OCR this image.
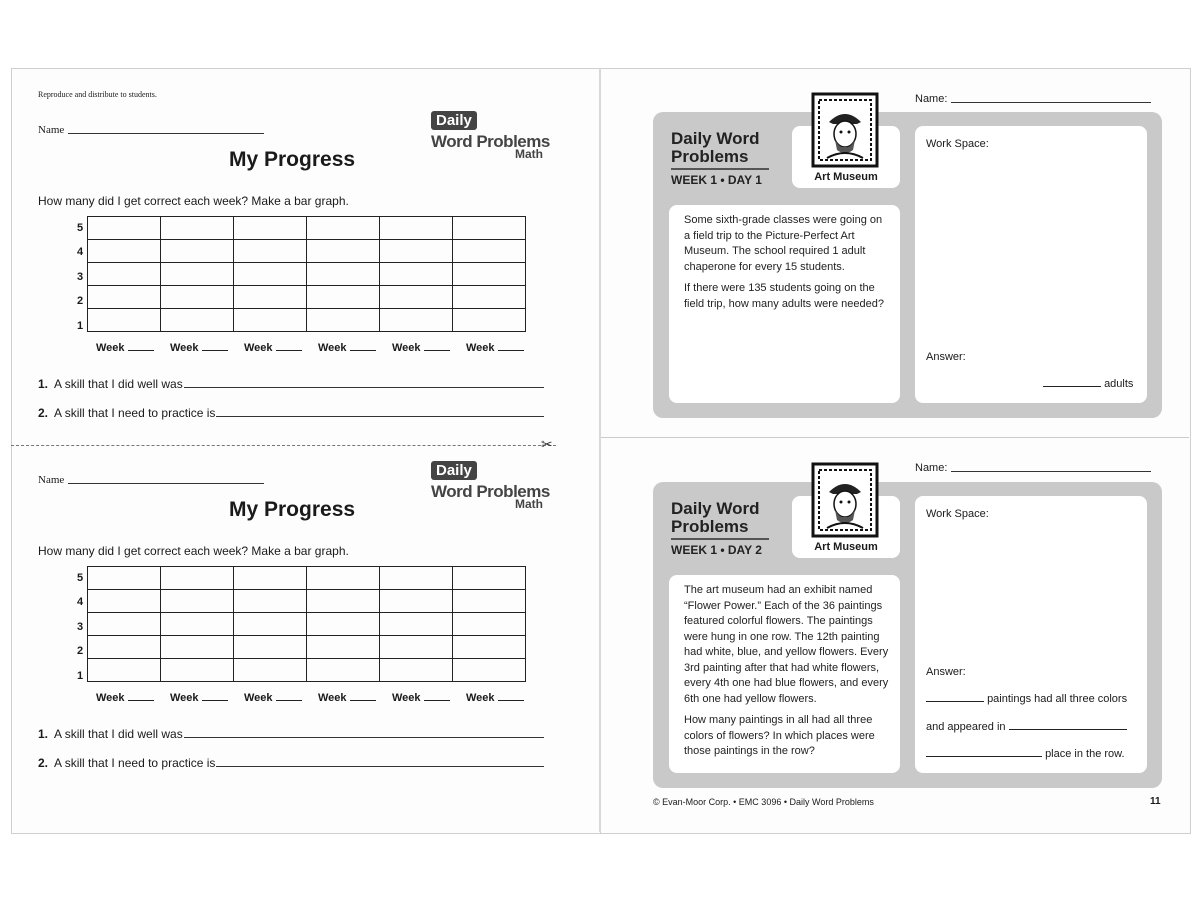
Reproduce and distribute to students.
Name
My Progress
Daily
Word Problems
Math
How many did I get correct each week? Make a bar graph.
5
4
3
2
1

Week	Week	Week	Week	Week	Week
1. A skill that I did well was
2. A skill that I need to practice is
✂
Name
My Progress
Daily
Word Problems
Math
How many did I get correct each week? Make a bar graph.
5
4
3
2
1

Week	Week	Week	Week	Week	Week
1. A skill that I did well was
2. A skill that I need to practice is
Name:
Daily Word
Problems
WEEK 1 • DAY 1	Art Museum

Some sixth-grade classes were going on a field trip to the Picture-Perfect Art Museum. The school required 1 adult chaperone for every 15 students.

If there were 135 students going on the field trip, how many adults were needed?

Work Space:
Answer:
adults
Name:
Daily Word
Problems
WEEK 1 • DAY 2	Art Museum

The art museum had an exhibit named “Flower Power.” Each of the 36 paintings featured colorful flowers. The paintings were hung in one row. The 12th painting had white, blue, and yellow flowers. Every 3rd painting after that had white flowers, every 4th one had blue flowers, and every 6th one had yellow flowers.

How many paintings in all had all three colors of flowers? In which places were those paintings in the row?

Work Space:
Answer:
paintings had all three colors
and appeared in
place in the row.
© Evan-Moor Corp. • EMC 3096 • Daily Word Problems	11
